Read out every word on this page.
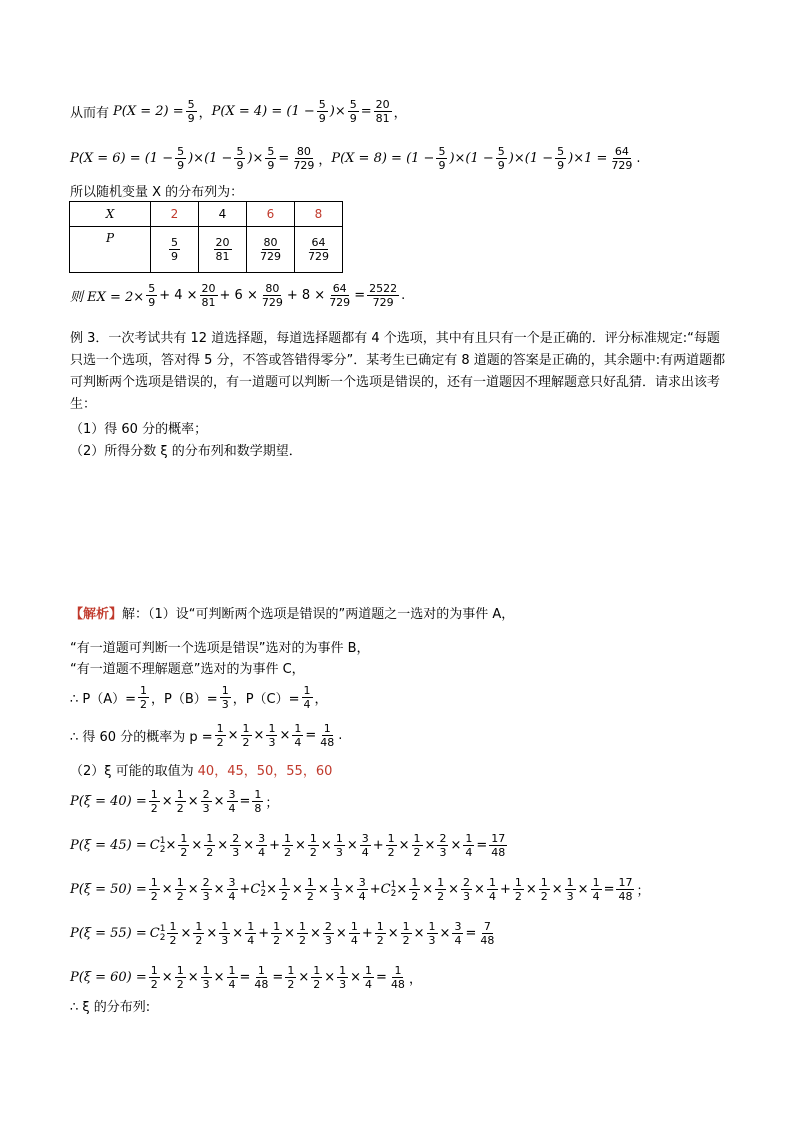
从而有 $P(X = 2) = \frac{5}{9}$ ， $P(X = 4) = (1 - \frac{5}{9}$ )× $\frac{5}{9} = \frac{20}{81}$ ，
$P(X = 6) = (1 - \frac{5}{9} )\times(1 - \frac{5}{9}$ )× $\frac{5}{9} = \frac{80}{729}$ ， $P(X = 8) = (1 - \frac{5}{9} )\times(1 - \frac{5}{9} )\times(1 - \frac{5}{9} )\times 1 = \frac{64}{729}$ .
所以随机变量 X 的分布列为：
X	2	4	6	8
P	$\frac{5}{9}$	$\frac{20}{81}$	$\frac{80}{729}$	$\frac{64}{729}$
则 EX = $2\times \frac{5}{9} + 4 \times \frac{20}{81} + 6 \times \frac{80}{729} + 8 \times \frac{64}{729} = \frac{2522}{729}$ .
例 3．一次考试共有 12 道选择题，每道选择题都有 4 个选项，其中有且只有一个是正确的．评分标准规定:“每题只选一个选项，答对得 5 分，不答或答错得零分”．某考生已确定有 8 道题的答案是正确的，其余题中:有两道题都可判断两个选项是错误的，有一道题可以判断一个选项是错误的，还有一道题因不理解题意只好乱猜．请求出该考生：
（1）得 60 分的概率；
（2）所得分数 ξ 的分布列和数学期望．
【解析】 解：（1）设“可判断两个选项是错误的”两道题之一选对的为事件 A，
“有一道题可判断一个选项是错误”选对的为事件 B，
“有一道题不理解题意”选对的为事件 C，
∴ $P(A)= \frac{1}{2}$ ，$P(B)= \frac{1}{3}$ ，$P(C)= \frac{1}{4}$ ，
∴ 得 60 分的概率为 $p = \frac{1}{2} \times \frac{1}{2} \times \frac{1}{3} \times \frac{1}{4} = \frac{1}{48}$ .
（2）ξ 可能的取值为 40，45，50，55，60
$P(\xi = 40) = \frac{1}{2} \times \frac{1}{2} \times \frac{2}{3} \times \frac{3}{4} = \frac{1}{8}$ ；
P(ξ = 45) = C 1
$2 \times \frac{1}{2} \times \frac{1}{2} \times \frac{2}{3} \times \frac{3}{4} + \frac{1}{2} \times \frac{1}{2} \times \frac{1}{3} \times \frac{3}{4} + \frac{1}{2} \times \frac{1}{2} \times \frac{2}{3} \times \frac{1}{4} = \frac{17}{48}$
$P(\xi = 50) = \frac{1}{2} \times \frac{1}{2} \times \frac{2}{3} \times \frac{3}{4} + C$ 1
$2 \times \frac{1}{2} \times \frac{1}{2} \times \frac{1}{3} \times \frac{3}{4} + C$ 1
$2 \times \frac{1}{2} \times \frac{1}{2} \times \frac{2}{3} \times \frac{1}{4} + \frac{1}{2} \times \frac{1}{2} \times \frac{1}{3} \times \frac{1}{4} = \frac{17}{48}$ ；
P(ξ = 55) = C 1
$2 \frac{1}{2} \times \frac{1}{2} \times \frac{1}{3} \times \frac{1}{4} + \frac{1}{2} \times \frac{1}{2} \times \frac{2}{3} \times \frac{1}{4} + \frac{1}{2} \times \frac{1}{2} \times \frac{1}{3} \times \frac{3}{4} = \frac{7}{48}$
$P(\xi = 60) = \frac{1}{2} \times \frac{1}{2} \times \frac{1}{3} \times \frac{1}{4} = \frac{1}{48} = \frac{1}{2} \times \frac{1}{2} \times \frac{1}{3} \times \frac{1}{4} = \frac{1}{48}$ ，
∴ ξ 的分布列:
